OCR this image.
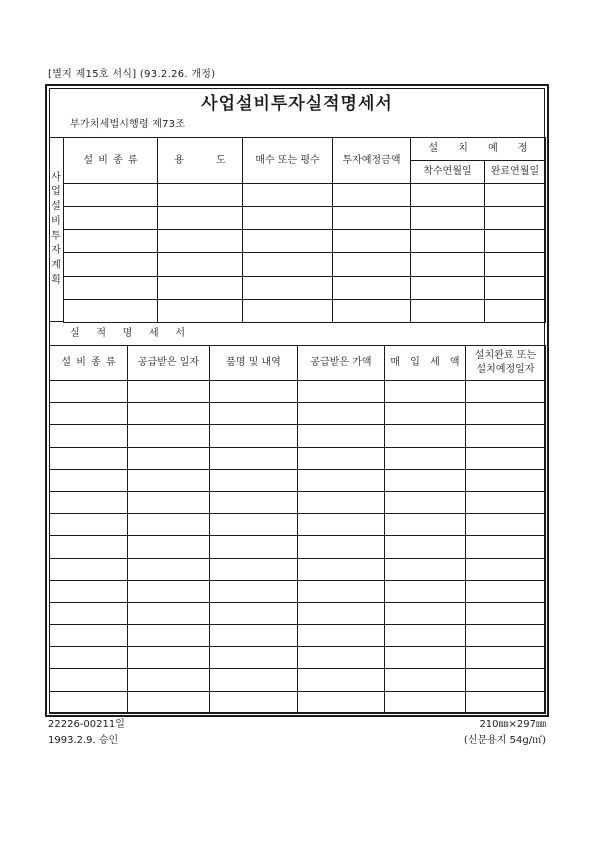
[별지 제15호 서식] (93.2.26. 개정)
사업설비투자실적명세서
부가치세법시행령 제73조
사업설비투자계획
설 비 종 류	용 도	매수 또는 평수	투자예정금액	설 치 예 정	
				착수연월일	완료연월일

실 적 명 세 서
설 비 종 류	공급받은 일자	품명 및 내역	공급받은 가액	매 입 세 액	설치완료 또는 설치예정일자

22226-00211일	210㎜×297㎜
1993.2.9. 승인	(신문용지 54g/㎡)
